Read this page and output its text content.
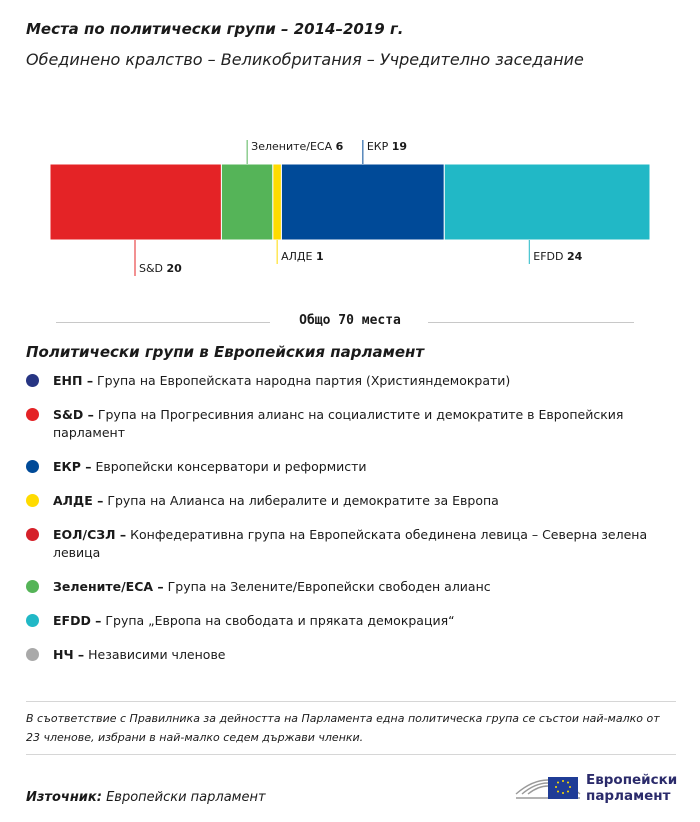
Места по политически групи – 2014–2019 г.
Обединено кралство – Великобритания – Учредително заседание
S&D 20
Зелените/ЕСА 6
АЛДЕ 1
ЕКР 19
EFDD 24
Общо 70 места
Политически групи в Европейския парламент
ЕНП – Група на Европейската народна партия (Християндемократи)
S&D – Група на Прогресивния алианс на социалистите и демократите в Европейския парламент
ЕКР – Европейски консерватори и реформисти
АЛДЕ – Група на Алианса на либералите и демократите за Европа
ЕОЛ/СЗЛ – Конфедеративна група на Европейската обединена левица – Северна зелена левица
Зелените/ЕСА – Група на Зелените/Европейски свободен алианс
EFDD – Група „Европа на свободата и пряката демокрация“
НЧ – Независими членове
В съответствие с Правилника за дейността на Парламента една политическа група се състои най-малко от 23 членове, избрани в най-малко седем държави членки.
Източник: Европейски парламент
Европейски
парламент
